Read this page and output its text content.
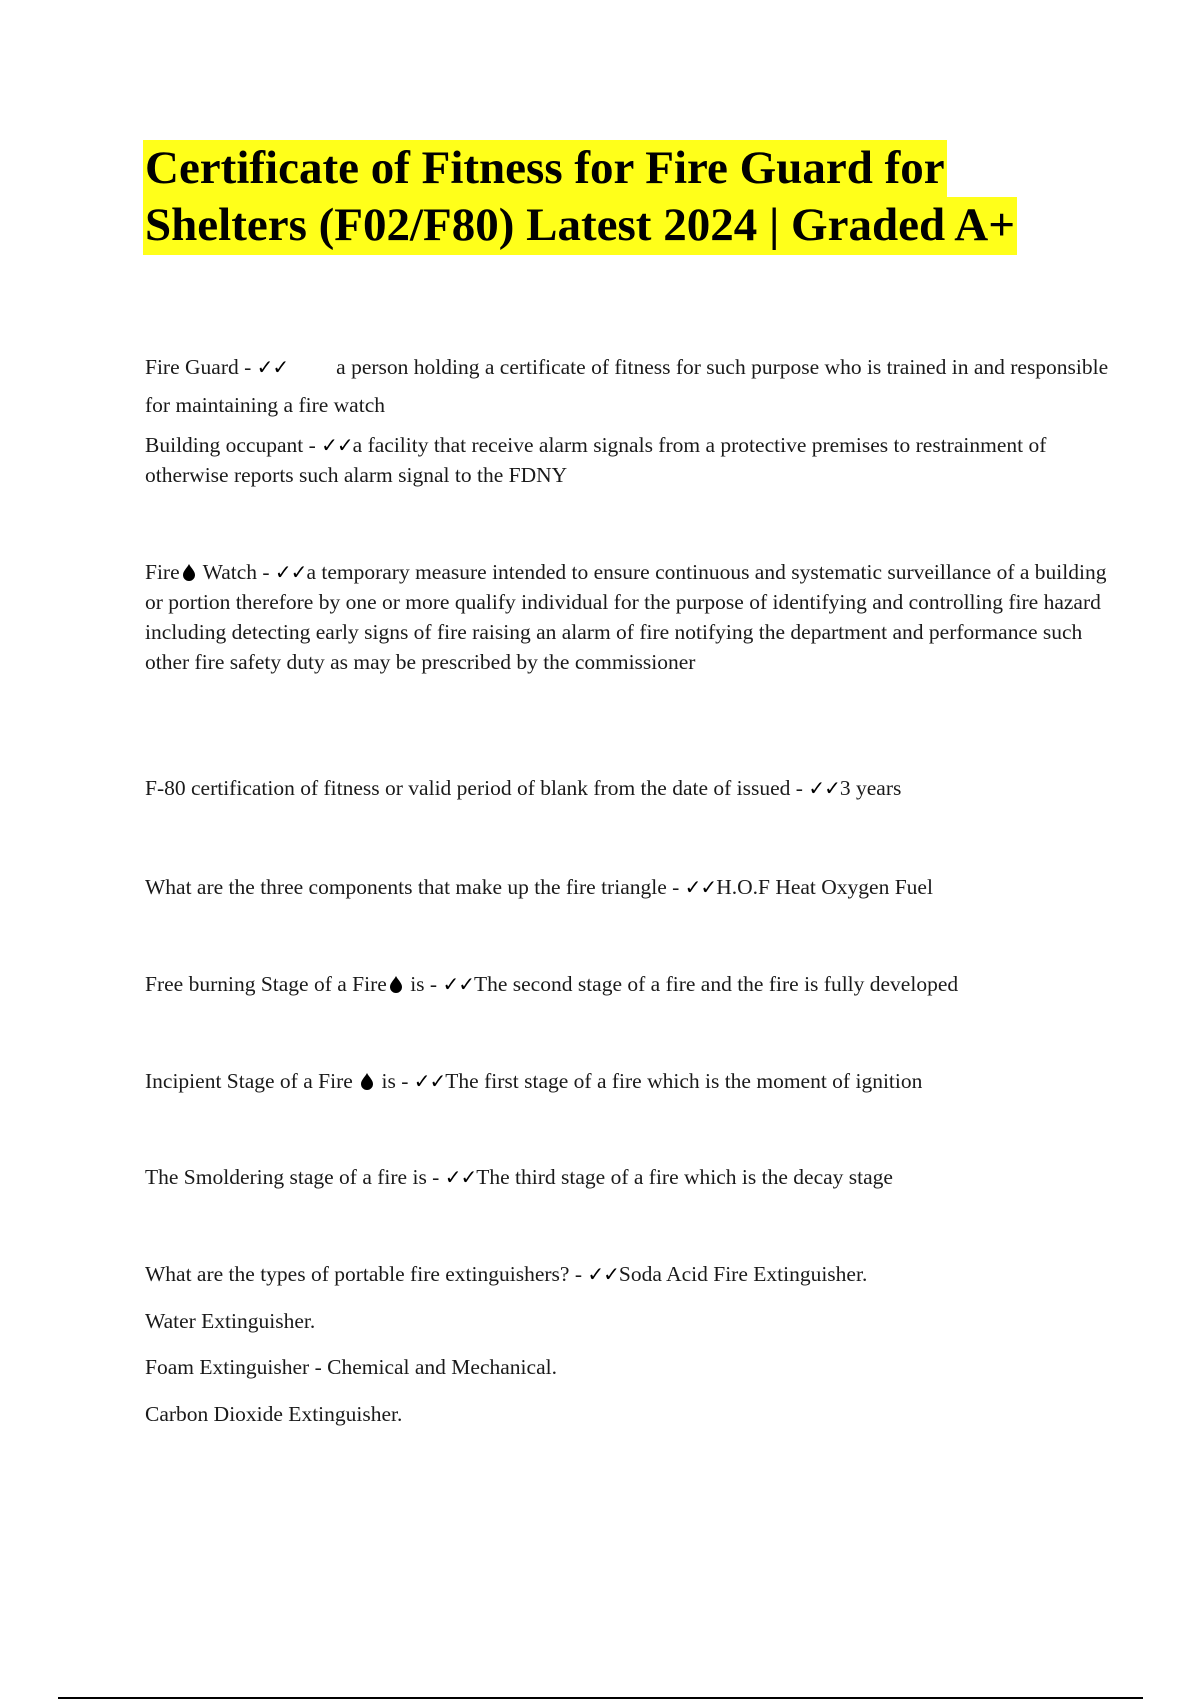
Certificate of Fitness for Fire Guard for
Shelters (F02/F80) Latest 2024 | Graded A+

Fire Guard - ✓✓ a person holding a certificate of fitness for such purpose who is trained in and responsible for maintaining a fire watch

Building occupant - ✓✓a facility that receive alarm signals from a protective premises to restrainment of otherwise reports such alarm signal to the FDNY

Fire Watch - ✓✓a temporary measure intended to ensure continuous and systematic surveillance of a building or portion therefore by one or more qualify individual for the purpose of identifying and controlling fire hazard including detecting early signs of fire raising an alarm of fire notifying the department and performance such other fire safety duty as may be prescribed by the commissioner

F-80 certification of fitness or valid period of blank from the date of issued - ✓✓3 years

What are the three components that make up the fire triangle - ✓✓H.O.F Heat Oxygen Fuel

Free burning Stage of a Fire is - ✓✓The second stage of a fire and the fire is fully developed

Incipient Stage of a Fire  is - ✓✓The first stage of a fire which is the moment of ignition

The Smoldering stage of a fire is - ✓✓The third stage of a fire which is the decay stage

What are the types of portable fire extinguishers? - ✓✓Soda Acid Fire Extinguisher.

Water Extinguisher.
Foam Extinguisher - Chemical and Mechanical.
Carbon Dioxide Extinguisher.
